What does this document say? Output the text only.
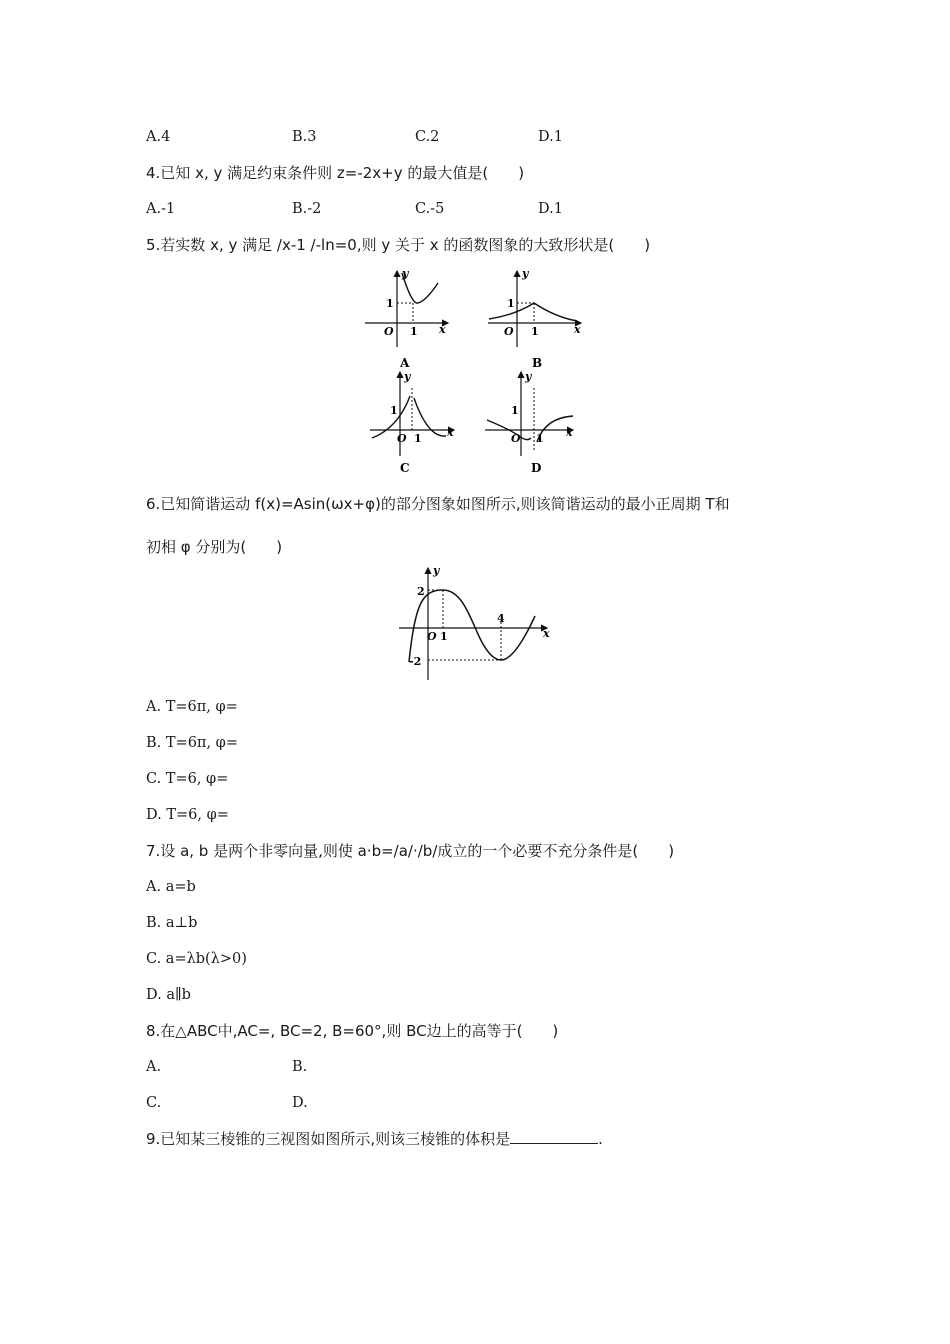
A.4	B.3	C.2	D.1
4.已知 x, y 满足约束条件则 z=-2x+y 的最大值是(　　)
A.-1	B.-2	C.-5	D.1
5.若实数 x, y 满足 /x-1 /-ln=0,则 y 关于 x 的函数图象的大致形状是(　　)
y
x
1
1
O
A
y
x
1
1
O
B
y
x
1
1
O
C
y
x
1
1
O
D
6.已知简谐运动 f(x)=Asin(ωx+φ)的部分图象如图所示,则该简谐运动的最小正周期 T和
初相 φ 分别为(　　)
y
x
2
-2
1
4
O
A. T=6π, φ=
B. T=6π, φ=
C. T=6, φ=
D. T=6, φ=
7.设 a, b 是两个非零向量,则使 a·b=/a/·/b/成立的一个必要不充分条件是(　　)
A. a=b
B. a⊥b
C. a=λb(λ>0)
D. a∥b
8.在△ABC中,AC=, BC=2, B=60°,则 BC边上的高等于(　　)
A.	B.
C.	D.
9.已知某三棱锥的三视图如图所示,则该三棱锥的体积是	.
